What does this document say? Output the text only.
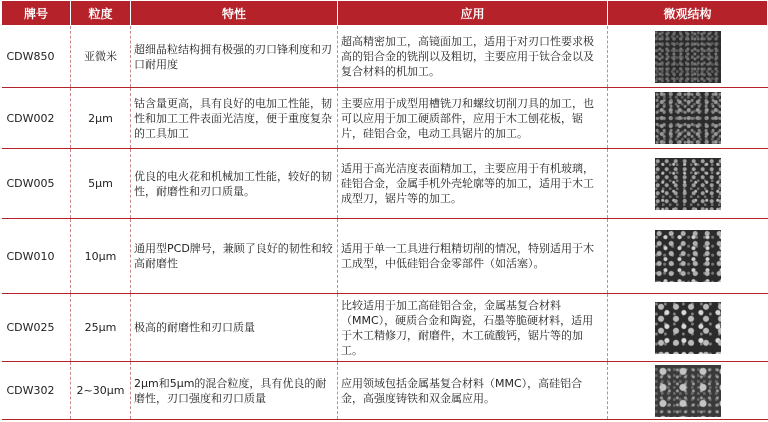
牌号	粒度	特性	应用	微观结构
CDW850	亚微米	超细晶粒结构拥有极强的刃口锋利度和刃口耐用度	超高精密加工，高镜面加工，适用于对刃口性要求极高的铝合金的铣削以及粗切，主要应用于钛合金以及复合材料的机加工。	
CDW002	2μm	钴含量更高，具有良好的电加工性能，韧性和加工工件表面光洁度，便于重度复杂的工具加工	主要应用于成型用槽铣刀和螺纹切削刀具的加工，也可以应用于加工硬质部件，应用于木工刨花板，锯片，硅铝合金，电动工具锯片的加工。	
CDW005	5μm	优良的电火花和机械加工性能，较好的韧性，耐磨性和刃口质量。	适用于高光洁度表面精加工，主要应用于有机玻璃，硅铝合金，金属手机外壳轮廓等的加工，适用于木工成型刀，锯片等的加工。	
CDW010	10μm	通用型PCD牌号，兼顾了良好的韧性和较高耐磨性	适用于单一工具进行粗精切削的情况，特别适用于木工成型，中低硅铝合金零部件（如活塞）。	
CDW025	25μm	极高的耐磨性和刃口质量	比较适用于加工高硅铝合金，金属基复合材料（MMC），硬质合金和陶瓷，石墨等脆硬材料，适用于木工精修刀，耐磨件，木工硫酸钙，锯片等的加工。	
CDW302	2~30μm	2μm和5μm的混合粒度，具有优良的耐磨性，刃口强度和刃口质量	应用领域包括金属基复合材料（MMC），高硅铝合金，高强度铸铁和双金属应用。	
